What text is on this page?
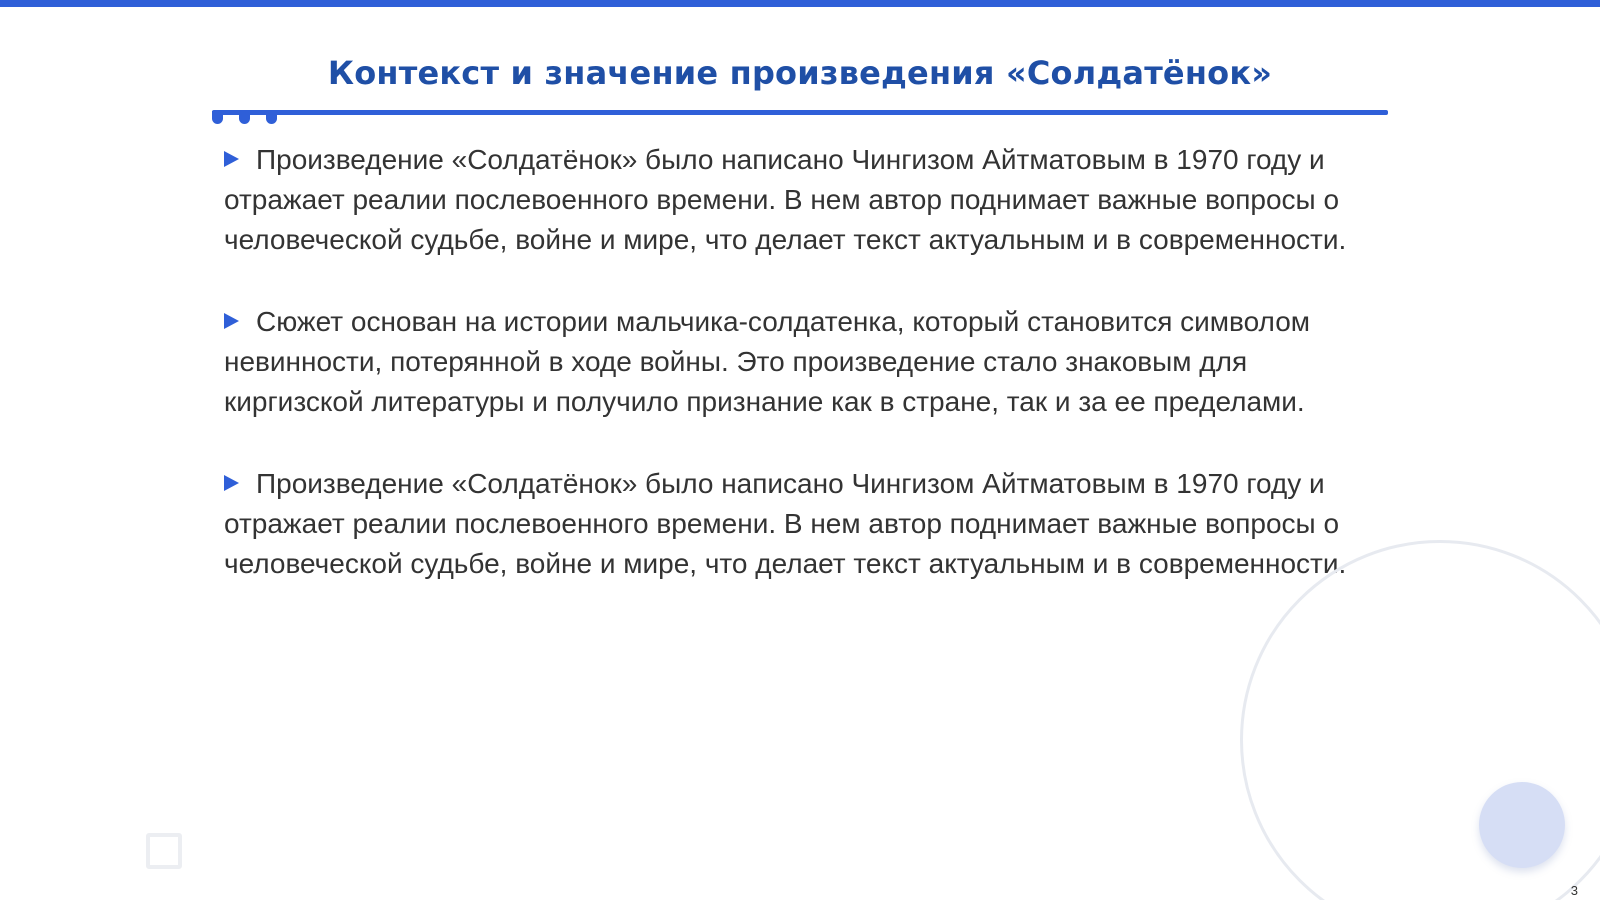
Контекст и значение произведения «Солдатёнок»

Произведение «Солдатёнок» было написано Чингизом Айтматовым в 1970 году и отражает реалии послевоенного времени. В нем автор поднимает важные вопросы о человеческой судьбе, войне и мире, что делает текст актуальным и в современности.

Сюжет основан на истории мальчика-солдатенка, который становится символом невинности, потерянной в ходе войны. Это произведение стало знаковым для киргизской литературы и получило признание как в стране, так и за ее пределами.

Произведение «Солдатёнок» было написано Чингизом Айтматовым в 1970 году и отражает реалии послевоенного времени. В нем автор поднимает важные вопросы о человеческой судьбе, войне и мире, что делает текст актуальным и в современности.

3
